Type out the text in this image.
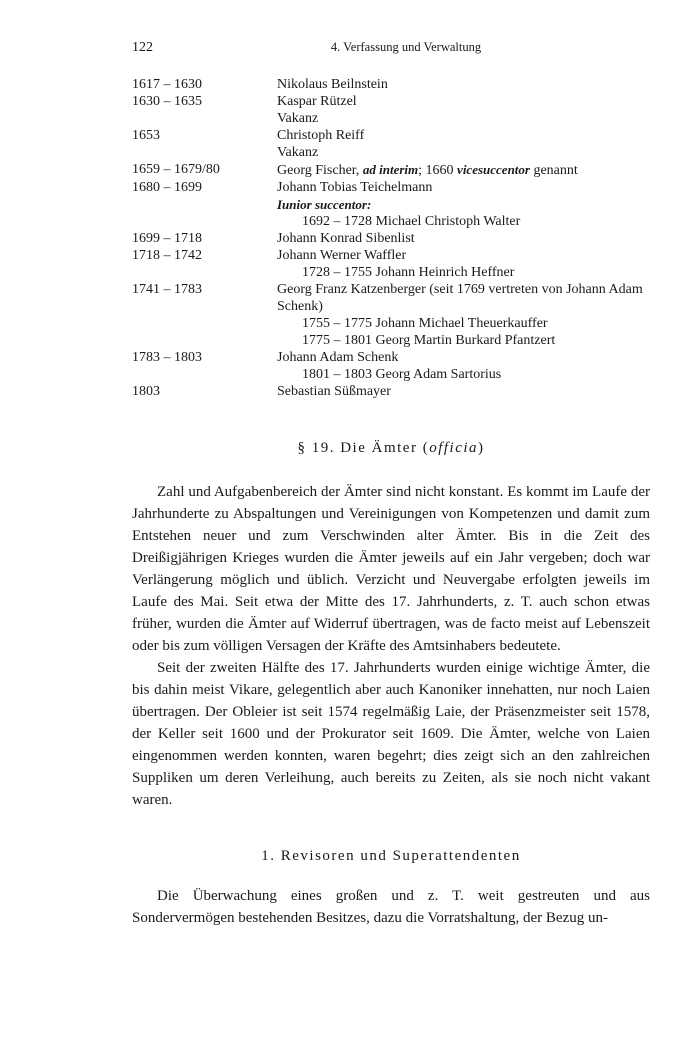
122	4. Verfassung und Verwaltung
1617 – 1630	Nikolaus Beilnstein
1630 – 1635	Kaspar Rützel
Vakanz
1653	Christoph Reiff
Vakanz
1659 – 1679/80	Georg Fischer, ad interim; 1660 vicesuccentor genannt
1680 – 1699	Johann Tobias Teichelmann
Iunior succentor:
1692 – 1728 Michael Christoph Walter
1699 – 1718	Johann Konrad Sibenlist
1718 – 1742	Johann Werner Waffler
1728 – 1755 Johann Heinrich Heffner
1741 – 1783	Georg Franz Katzenberger (seit 1769 vertreten von Johann Adam Schenk)
1755 – 1775 Johann Michael Theuerkauffer
1775 – 1801 Georg Martin Burkard Pfantzert
1783 – 1803	Johann Adam Schenk
1801 – 1803 Georg Adam Sartorius
1803	Sebastian Süßmayer
§ 19. Die Ämter (officia)

Zahl und Aufgabenbereich der Ämter sind nicht konstant. Es kommt im Laufe der Jahrhunderte zu Abspaltungen und Vereinigungen von Kompetenzen und damit zum Entstehen neuer und zum Verschwinden alter Ämter. Bis in die Zeit des Dreißigjährigen Krieges wurden die Ämter jeweils auf ein Jahr vergeben; doch war Verlängerung möglich und üblich. Verzicht und Neuvergabe erfolgten jeweils im Laufe des Mai. Seit etwa der Mitte des 17. Jahrhunderts, z. T. auch schon etwas früher, wurden die Ämter auf Widerruf übertragen, was de facto meist auf Lebenszeit oder bis zum völligen Versagen der Kräfte des Amtsinhabers bedeutete.

Seit der zweiten Hälfte des 17. Jahrhunderts wurden einige wichtige Ämter, die bis dahin meist Vikare, gelegentlich aber auch Kanoniker innehatten, nur noch Laien übertragen. Der Obleier ist seit 1574 regelmäßig Laie, der Präsenzmeister seit 1578, der Keller seit 1600 und der Prokurator seit 1609. Die Ämter, welche von Laien eingenommen werden konnten, waren begehrt; dies zeigt sich an den zahlreichen Suppliken um deren Verleihung, auch bereits zu Zeiten, als sie noch nicht vakant waren.

1. Revisoren und Superattendenten

Die Überwachung eines großen und z. T. weit gestreuten und aus Sondervermögen bestehenden Besitzes, dazu die Vorratshaltung, der Bezug un-
